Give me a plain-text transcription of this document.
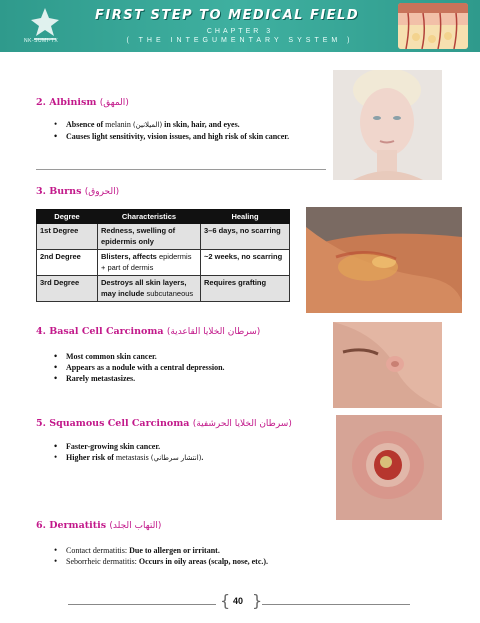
NK-SUMI-TX
FIRST STEP TO MEDICAL FIELD
CHAPTER 3
( THE INTEGUMENTARY SYSTEM )
2. Albinism (المهق)
• Absence of melanin (الميلانين) in skin, hair, and eyes.
• Causes light sensitivity, vision issues, and high risk of skin cancer.
3. Burns (الحروق)
Degree	Characteristics	Healing
1st Degree	Redness, swelling of epidermis only	3–6 days, no scarring
2nd Degree	Blisters, affects epidermis + part of dermis	~2 weeks, no scarring
3rd Degree	Destroys all skin layers, may include subcutaneous	Requires grafting
4. Basal Cell Carcinoma (سرطان الخلايا القاعدية)
• Most common skin cancer.
• Appears as a nodule with a central depression.
• Rarely metastasizes.
5. Squamous Cell Carcinoma (سرطان الخلايا الحرشفية)
• Faster-growing skin cancer.
• Higher risk of metastasis (انتشار سرطاني).
6. Dermatitis (التهاب الجلد)
• Contact dermatitis: Due to allergen or irritant.
• Seborrheic dermatitis: Occurs in oily areas (scalp, nose, etc.).
{ }
40
